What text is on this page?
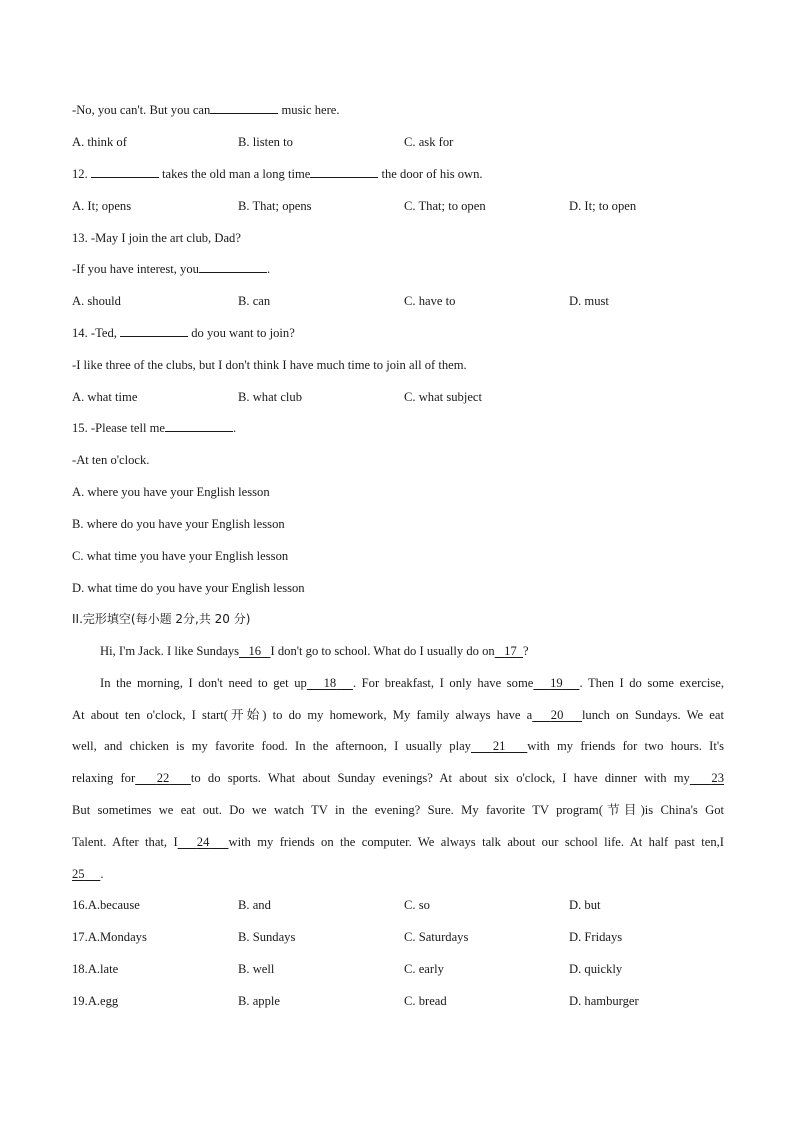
-No, you can't. But you can	music here.
A. think of	B. listen to	C. ask for
12.	takes the old man a long time	the door of his own.
A. It; opens	B. That; opens	C. That; to open	D. It; to open
13. -May I join the art club, Dad?
-If you have interest, you	.
A. should	B. can	C. have to	D. must
14. -Ted,	do you want to join?
-I like three of the clubs, but I don't think I have much time to join all of them.
A. what time	B. what club	C. what subject
15. -Please tell me	.
-At ten o'clock.
A. where you have your English lesson
B. where do you have your English lesson
C. what time you have your English lesson
D. what time do you have your English lesson
II.完形填空(每小题 2分,共 20 分)
Hi, I'm Jack. I like Sundays 16 I don't go to school. What do I usually do on 17 ?
In the morning, I don't need to get up 18 . For breakfast, I only have some 19 . Then I do some exercise,
At about ten o'clock, I start(开始) to do my homework, My family always have a 20 lunch on Sundays. We eat
well, and chicken is my favorite food. In the afternoon, I usually play 21 with my friends for two hours. It's
relaxing for 22 to do sports. What about Sunday evenings? At about six o'clock, I have dinner with my 23
But sometimes we eat out. Do we watch TV in the evening? Sure. My favorite TV program(节目)is China's Got
Talent. After that, I 24 with my friends on the computer. We always talk about our school life. At half past ten,I
25 .
16.A.because	B. and	C. so	D. but
17.A.Mondays	B. Sundays	C. Saturdays	D. Fridays
18.A.late	B. well	C. early	D. quickly
19.A.egg	B. apple	C. bread	D. hamburger
